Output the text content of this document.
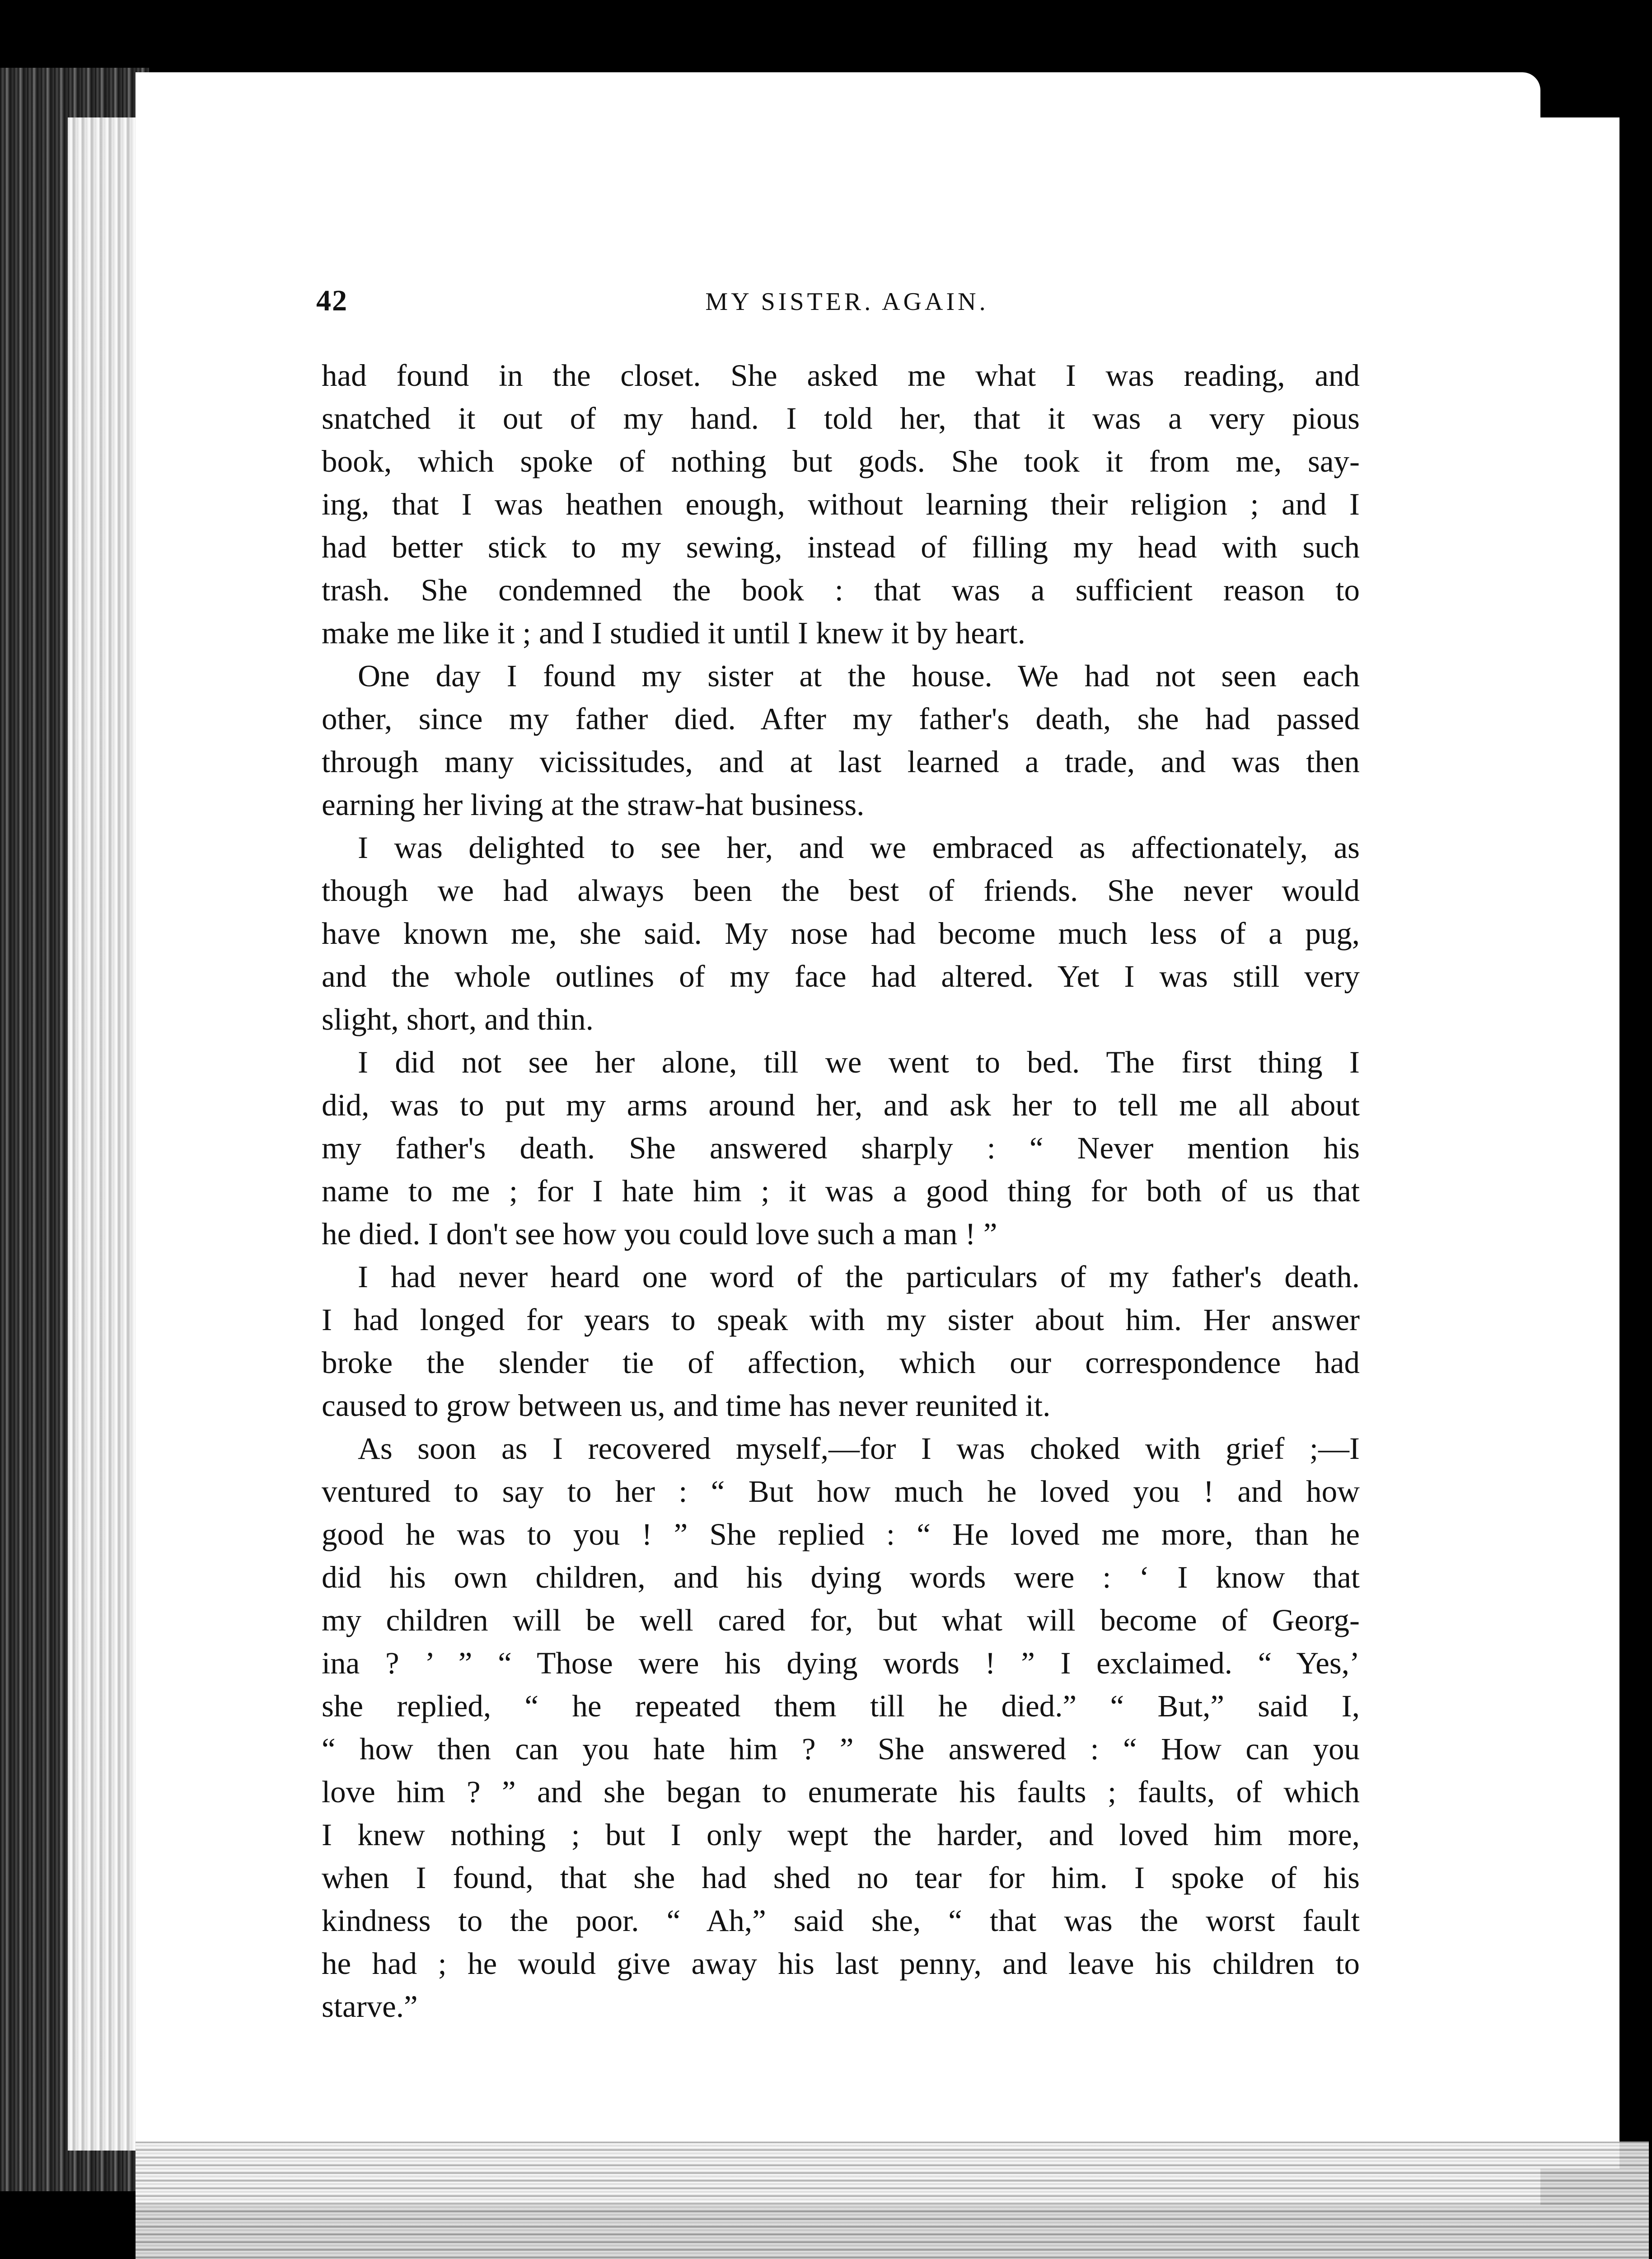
42	MY SISTER. AGAIN.
had found in the closet. She asked me what I was reading, and
snatched it out of my hand. I told her, that it was a very pious
book, which spoke of nothing but gods. She took it from me, say-
ing, that I was heathen enough, without learning their religion ; and I
had better stick to my sewing, instead of filling my head with such
trash. She condemned the book : that was a sufficient reason to
make me like it ; and I studied it until I knew it by heart.
One day I found my sister at the house. We had not seen each
other, since my father died. After my father's death, she had passed
through many vicissitudes, and at last learned a trade, and was then
earning her living at the straw-hat business.
I was delighted to see her, and we embraced as affectionately, as
though we had always been the best of friends. She never would
have known me, she said. My nose had become much less of a pug,
and the whole outlines of my face had altered. Yet I was still very
slight, short, and thin.
I did not see her alone, till we went to bed. The first thing I
did, was to put my arms around her, and ask her to tell me all about
my father's death. She answered sharply : “ Never mention his
name to me ; for I hate him ; it was a good thing for both of us that
he died. I don't see how you could love such a man ! ”
I had never heard one word of the particulars of my father's death.
I had longed for years to speak with my sister about him. Her answer
broke the slender tie of affection, which our correspondence had
caused to grow between us, and time has never reunited it.
As soon as I recovered myself,—for I was choked with grief ;—I
ventured to say to her : “ But how much he loved you ! and how
good he was to you ! ” She replied : “ He loved me more, than he
did his own children, and his dying words were : ‘ I know that
my children will be well cared for, but what will become of Georg-
ina ? ’ ” “ Those were his dying words ! ” I exclaimed. “ Yes,’
she replied, “ he repeated them till he died.” “ But,” said I,
“ how then can you hate him ? ” She answered : “ How can you
love him ? ” and she began to enumerate his faults ; faults, of which
I knew nothing ; but I only wept the harder, and loved him more,
when I found, that she had shed no tear for him. I spoke of his
kindness to the poor. “ Ah,” said she, “ that was the worst fault
he had ; he would give away his last penny, and leave his children to
starve.”
